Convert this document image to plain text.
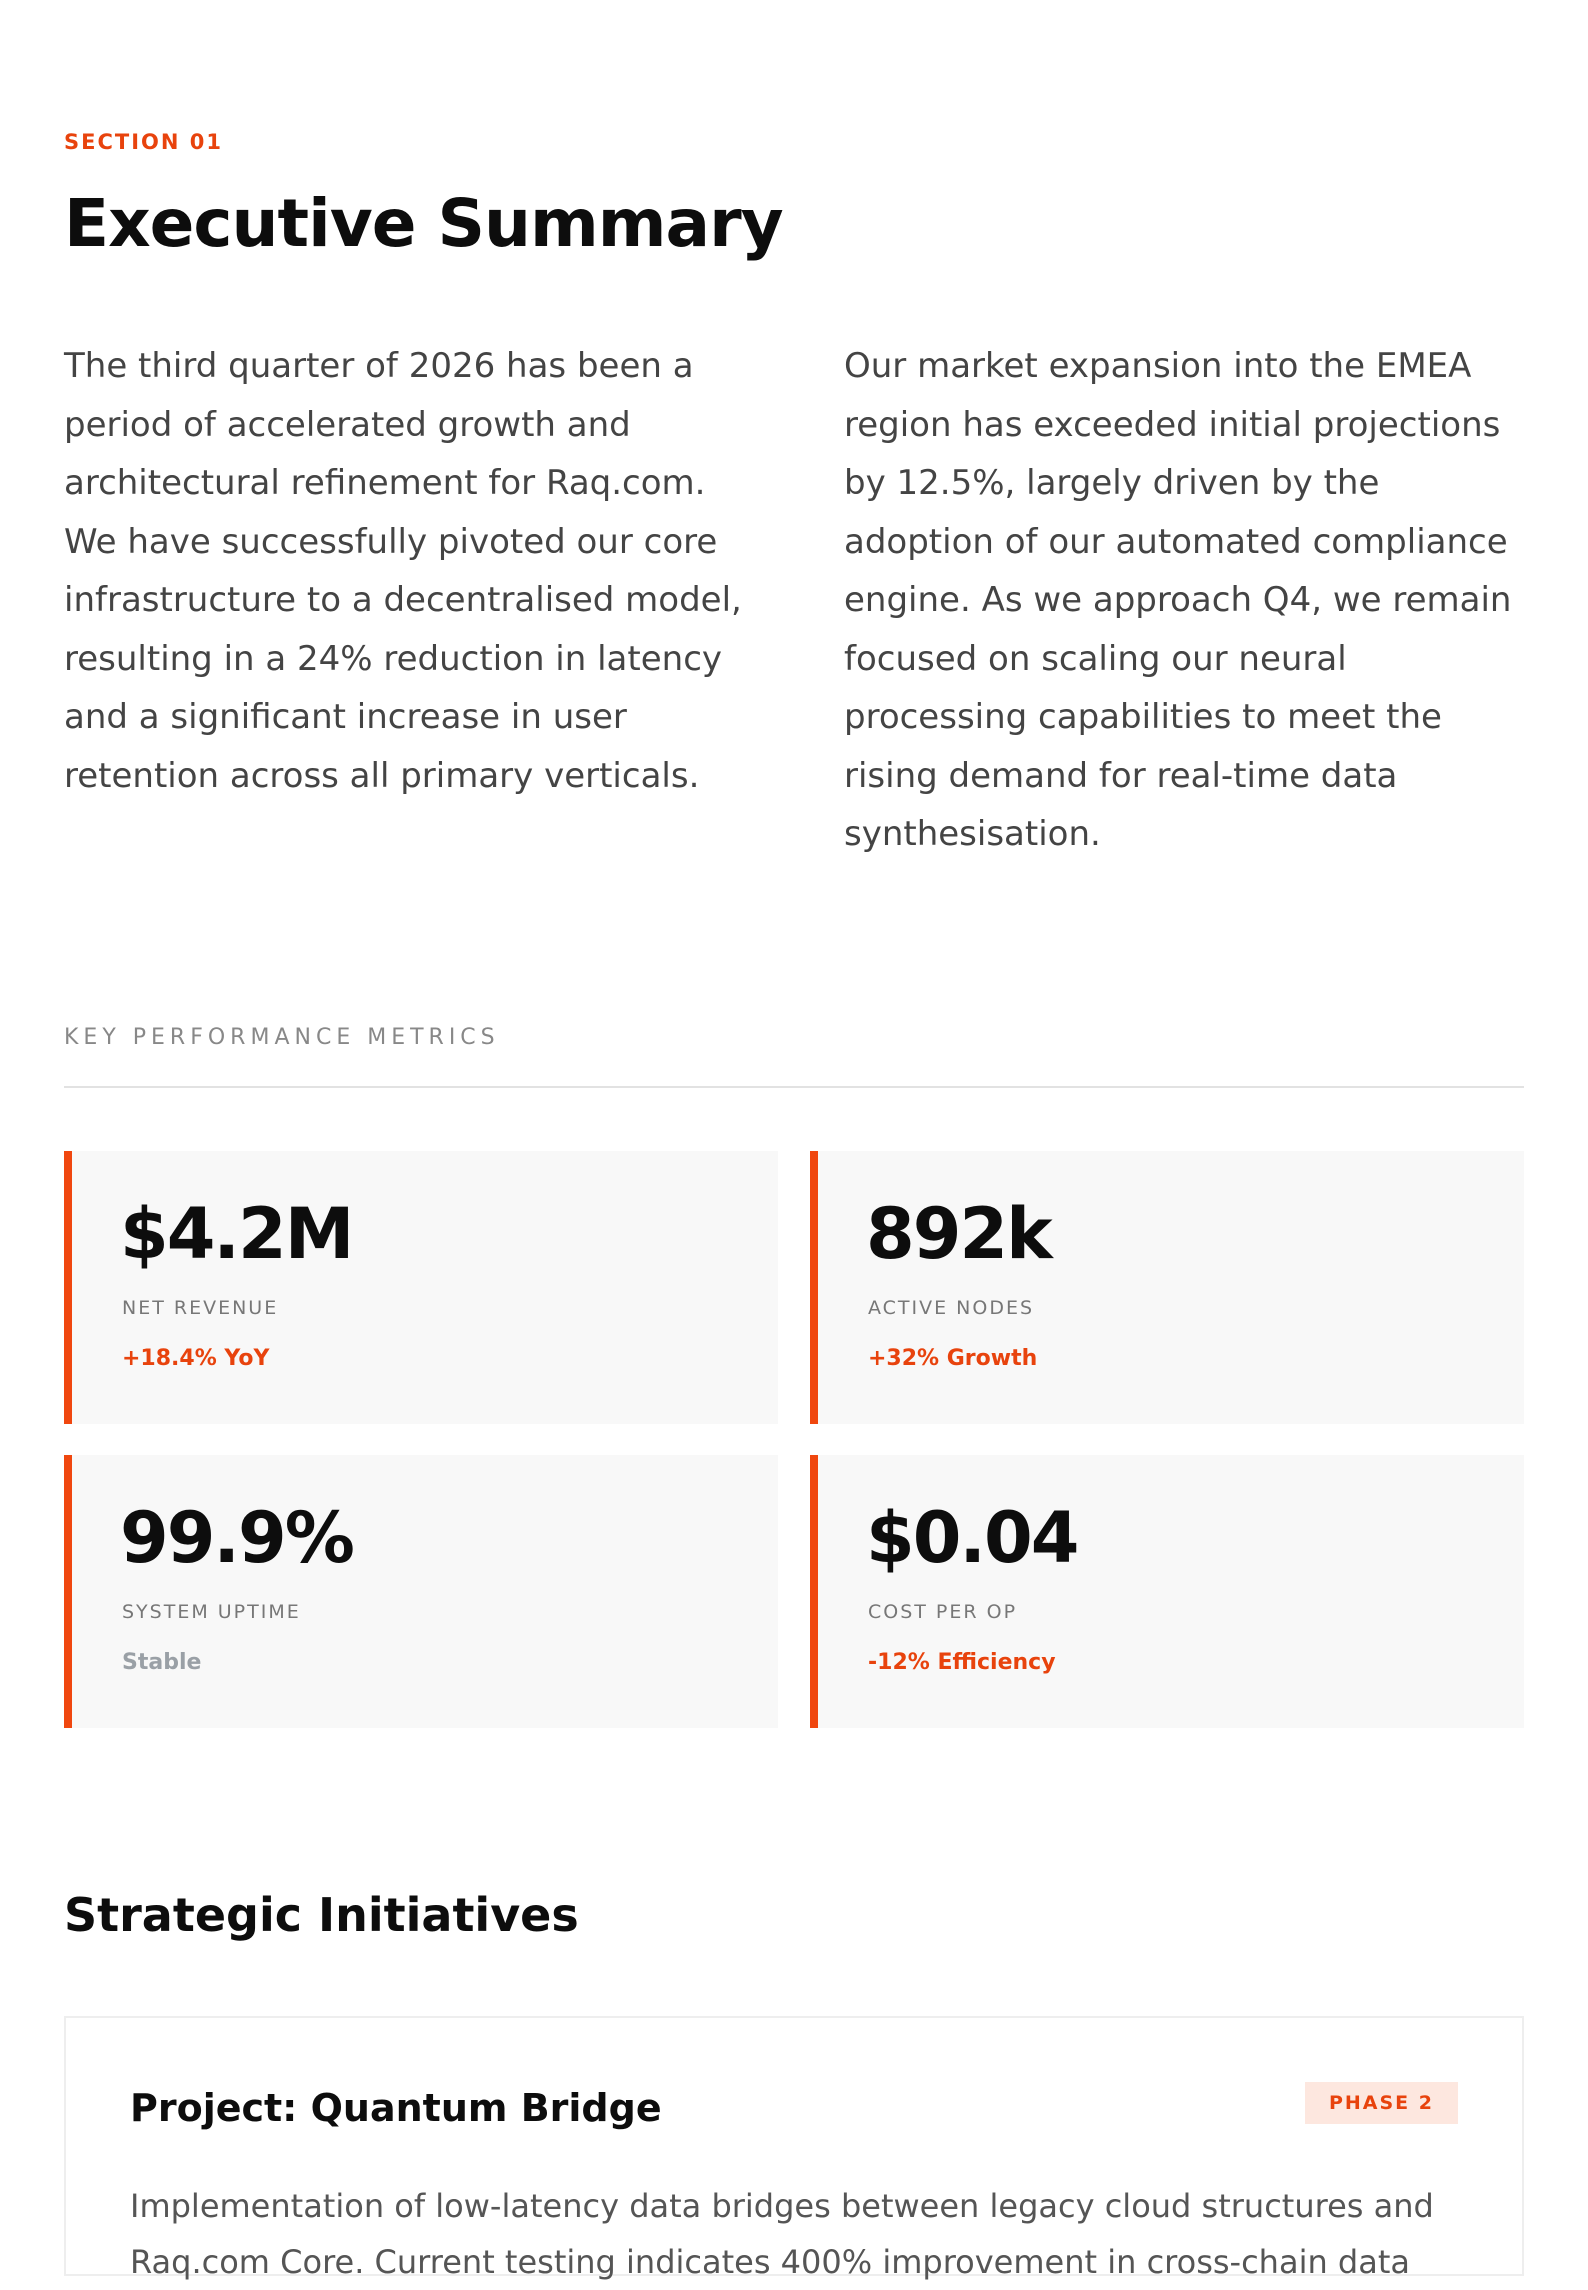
SECTION 01
Executive Summary

The third quarter of 2026 has been a period of accelerated growth and architectural refinement for Raq.com. We have successfully pivoted our core infrastructure to a decentralised model, resulting in a 24% reduction in latency and a significant increase in user retention across all primary verticals.

Our market expansion into the EMEA region has exceeded initial projections by 12.5%, largely driven by the adoption of our automated compliance engine. As we approach Q4, we remain focused on scaling our neural processing capabilities to meet the rising demand for real-time data synthesisation.

KEY PERFORMANCE METRICS
$4.2M
NET REVENUE
+18.4% YoY
892k
ACTIVE NODES
+32% Growth
99.9%
SYSTEM UPTIME
Stable
$0.04
COST PER OP
-12% Efficiency
Strategic Initiatives
Project: Quantum Bridge	PHASE 2

Implementation of low-latency data bridges between legacy cloud structures and Raq.com Core. Current testing indicates 400% improvement in cross-chain data
